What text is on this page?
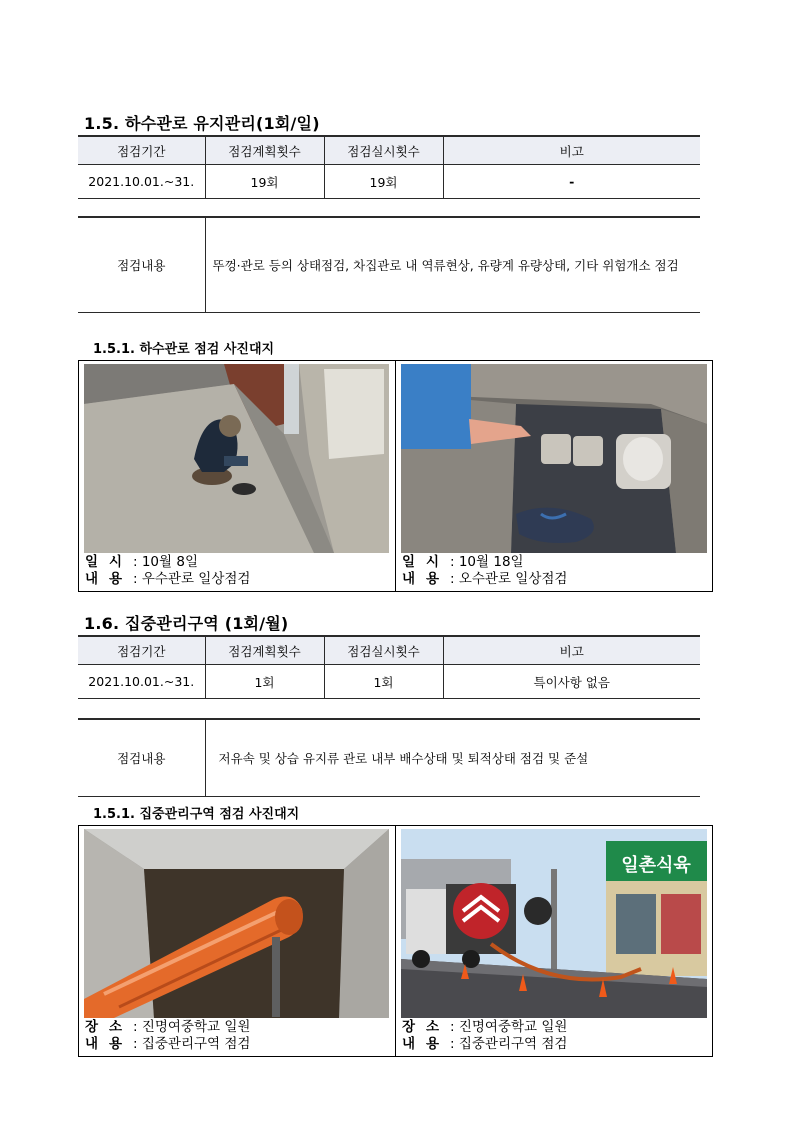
1.5. 하수관로 유지관리(1회/일)
점검기간	점검계획횟수	점검실시횟수	비고
2021.10.01.~31.	19회	19회	-
점검내용	뚜껑·관로 등의 상태점검, 차집관로 내 역류현상, 유량계 유량상태, 기타 위험개소 점검
1.5.1. 하수관로 점검 사진대지
일 시 : 10월 8일
내 용 : 우수관로 일상점검
일 시 : 10월 18일
내 용 : 오수관로 일상점검
1.6. 집중관리구역 (1회/월)
점검기간	점검계획횟수	점검실시횟수	비고
2021.10.01.~31.	1회	1회	특이사항 없음
점검내용	저유속 및 상습 유지류 관로 내부 배수상태 및 퇴적상태 점검 및 준설
1.5.1. 집중관리구역 점검 사진대지
장 소 : 진명여중학교 일원
내 용 : 집중관리구역 점검
일촌식육
장 소 : 진명여중학교 일원
내 용 : 집중관리구역 점검
